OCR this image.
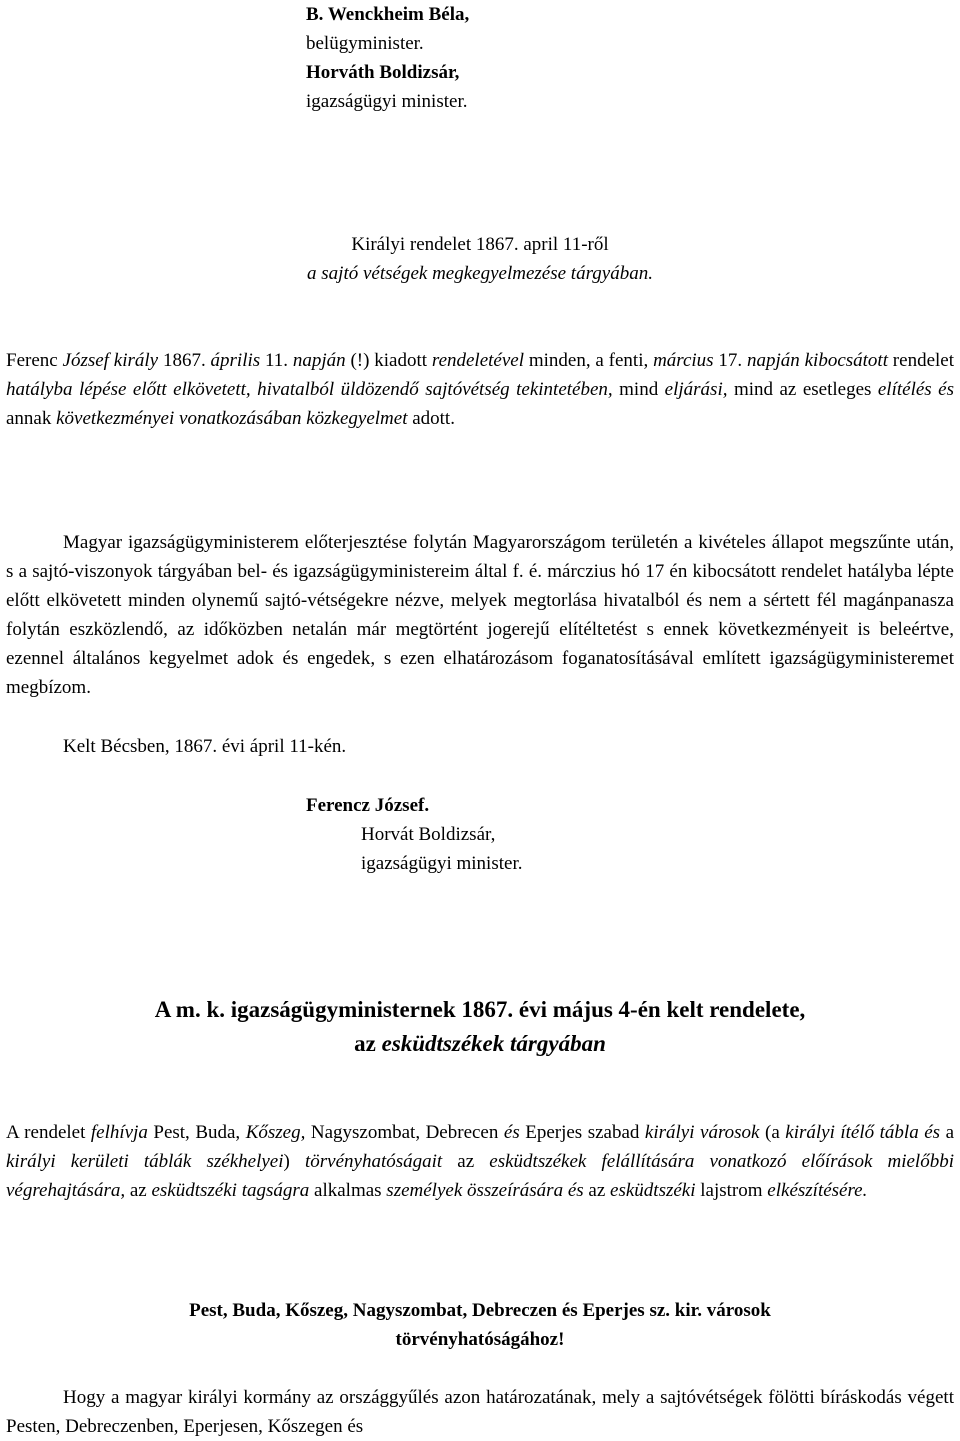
B. Wenckheim Béla,
belügyminister.
Horváth Boldizsár,
igazságügyi minister.
Királyi rendelet 1867. april 11-ről
a sajtó vétségek megkegyelmezése tárgyában.

Ferenc József király 1867. április 11. napján (!) kiadott rendeletével minden, a fenti, március 17. napján kibocsátott rendelet hatályba lépése előtt elkövetett, hivatalból üldözendő sajtóvétség tekintetében, mind eljárási, mind az esetleges elítélés és annak következményei vonatkozásában közkegyelmet adott.

Magyar igazságügyministerem előterjesztése folytán Magyarországom területén a kivételes állapot megszűnte után, s a sajtó-viszonyok tárgyában bel- és igazságügyministereim által f. é. márczius hó 17 én kibocsátott rendelet hatályba lépte előtt elkövetett minden olynemű sajtó-vétségekre nézve, melyek megtorlása hivatalból és nem a sértett fél magánpanasza folytán eszközlendő, az időközben netalán már megtörtént jogerejű elítéltetést s ennek következményeit is beleértve, ezennel általános kegyelmet adok és engedek, s ezen elhatározásom foganatosításával említett igazságügyministeremet megbízom.

Kelt Bécsben, 1867. évi ápril 11-kén.

Ferencz József.
Horvát Boldizsár,
igazságügyi minister.
A m. k. igazságügyministernek 1867. évi május 4-én kelt rendelete,
az esküdtszékek tárgyában

A rendelet felhívja Pest, Buda, Kőszeg, Nagyszombat, Debrecen és Eperjes szabad királyi városok (a királyi ítélő tábla és a királyi kerületi táblák székhelyei) törvényhatóságait az esküdtszékek felállítására vonatkozó előírások mielőbbi végrehajtására, az esküdtszéki tagságra alkalmas személyek összeírására és az esküdtszéki lajstrom elkészítésére.

Pest, Buda, Kőszeg, Nagyszombat, Debreczen és Eperjes sz. kir. városok
törvényhatóságához!

Hogy a magyar királyi kormány az országgyűlés azon határozatának, mely a sajtóvétségek fölötti bíráskodás végett Pesten, Debreczenben, Eperjesen, Kőszegen és
